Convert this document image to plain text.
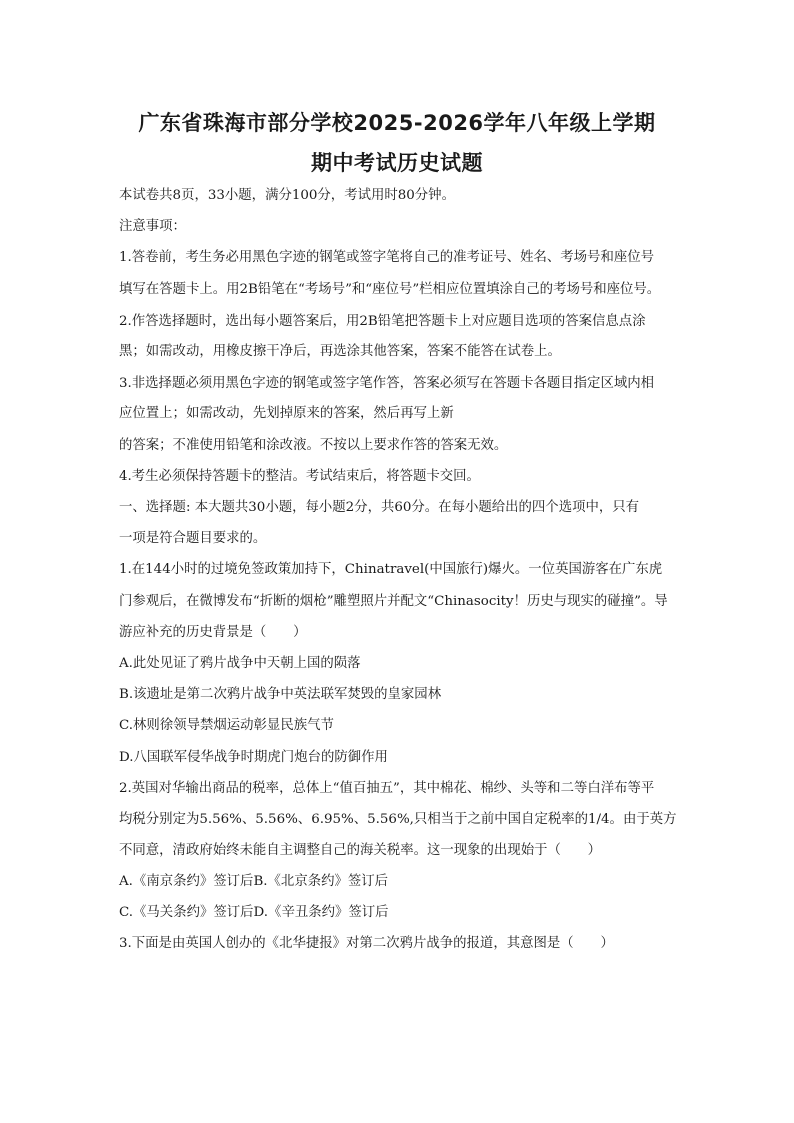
广东省珠海市部分学校2025-2026学年八年级上学期
期中考试历史试题
本试卷共8页，33小题，满分100分，考试用时80分钟。
注意事项：
1.答卷前，考生务必用黑色字迹的钢笔或签字笔将自己的准考证号、姓名、考场号和座位号
填写在答题卡上。用2B铅笔在“考场号”和“座位号”栏相应位置填涂自己的考场号和座位号。
2.作答选择题时，选出每小题答案后，用2B铅笔把答题卡上对应题目选项的答案信息点涂
黑；如需改动，用橡皮擦干净后，再选涂其他答案，答案不能答在试卷上。
3.非选择题必须用黑色字迹的钢笔或签字笔作答，答案必须写在答题卡各题目指定区域内相
应位置上；如需改动，先划掉原来的答案，然后再写上新
的答案；不准使用铅笔和涂改液。不按以上要求作答的答案无效。
4.考生必须保持答题卡的整洁。考试结束后，将答题卡交回。
一、选择题: 本大题共30小题，每小题2分，共60分。在每小题给出的四个选项中，只有
一项是符合题目要求的。
1.在144小时的过境免签政策加持下，Chinatravel(中国旅行)爆火。一位英国游客在广东虎
门参观后，在微博发布“折断的烟枪”雕塑照片并配文“Chinasocity！历史与现实的碰撞”。导
游应补充的历史背景是（　　）
A.此处见证了鸦片战争中天朝上国的陨落
B.该遗址是第二次鸦片战争中英法联军焚毁的皇家园林
C.林则徐领导禁烟运动彰显民族气节
D.八国联军侵华战争时期虎门炮台的防御作用
2.英国对华输出商品的税率，总体上“值百抽五”，其中棉花、棉纱、头等和二等白洋布等平
均税分别定为5.56%、5.56%、6.95%、5.56%,只相当于之前中国自定税率的1/4。由于英方
不同意，清政府始终未能自主调整自己的海关税率。这一现象的出现始于（　　）
A.《南京条约》签订后B.《北京条约》签订后
C.《马关条约》签订后D.《辛丑条约》签订后
3.下面是由英国人创办的《北华捷报》对第二次鸦片战争的报道，其意图是（　　）
